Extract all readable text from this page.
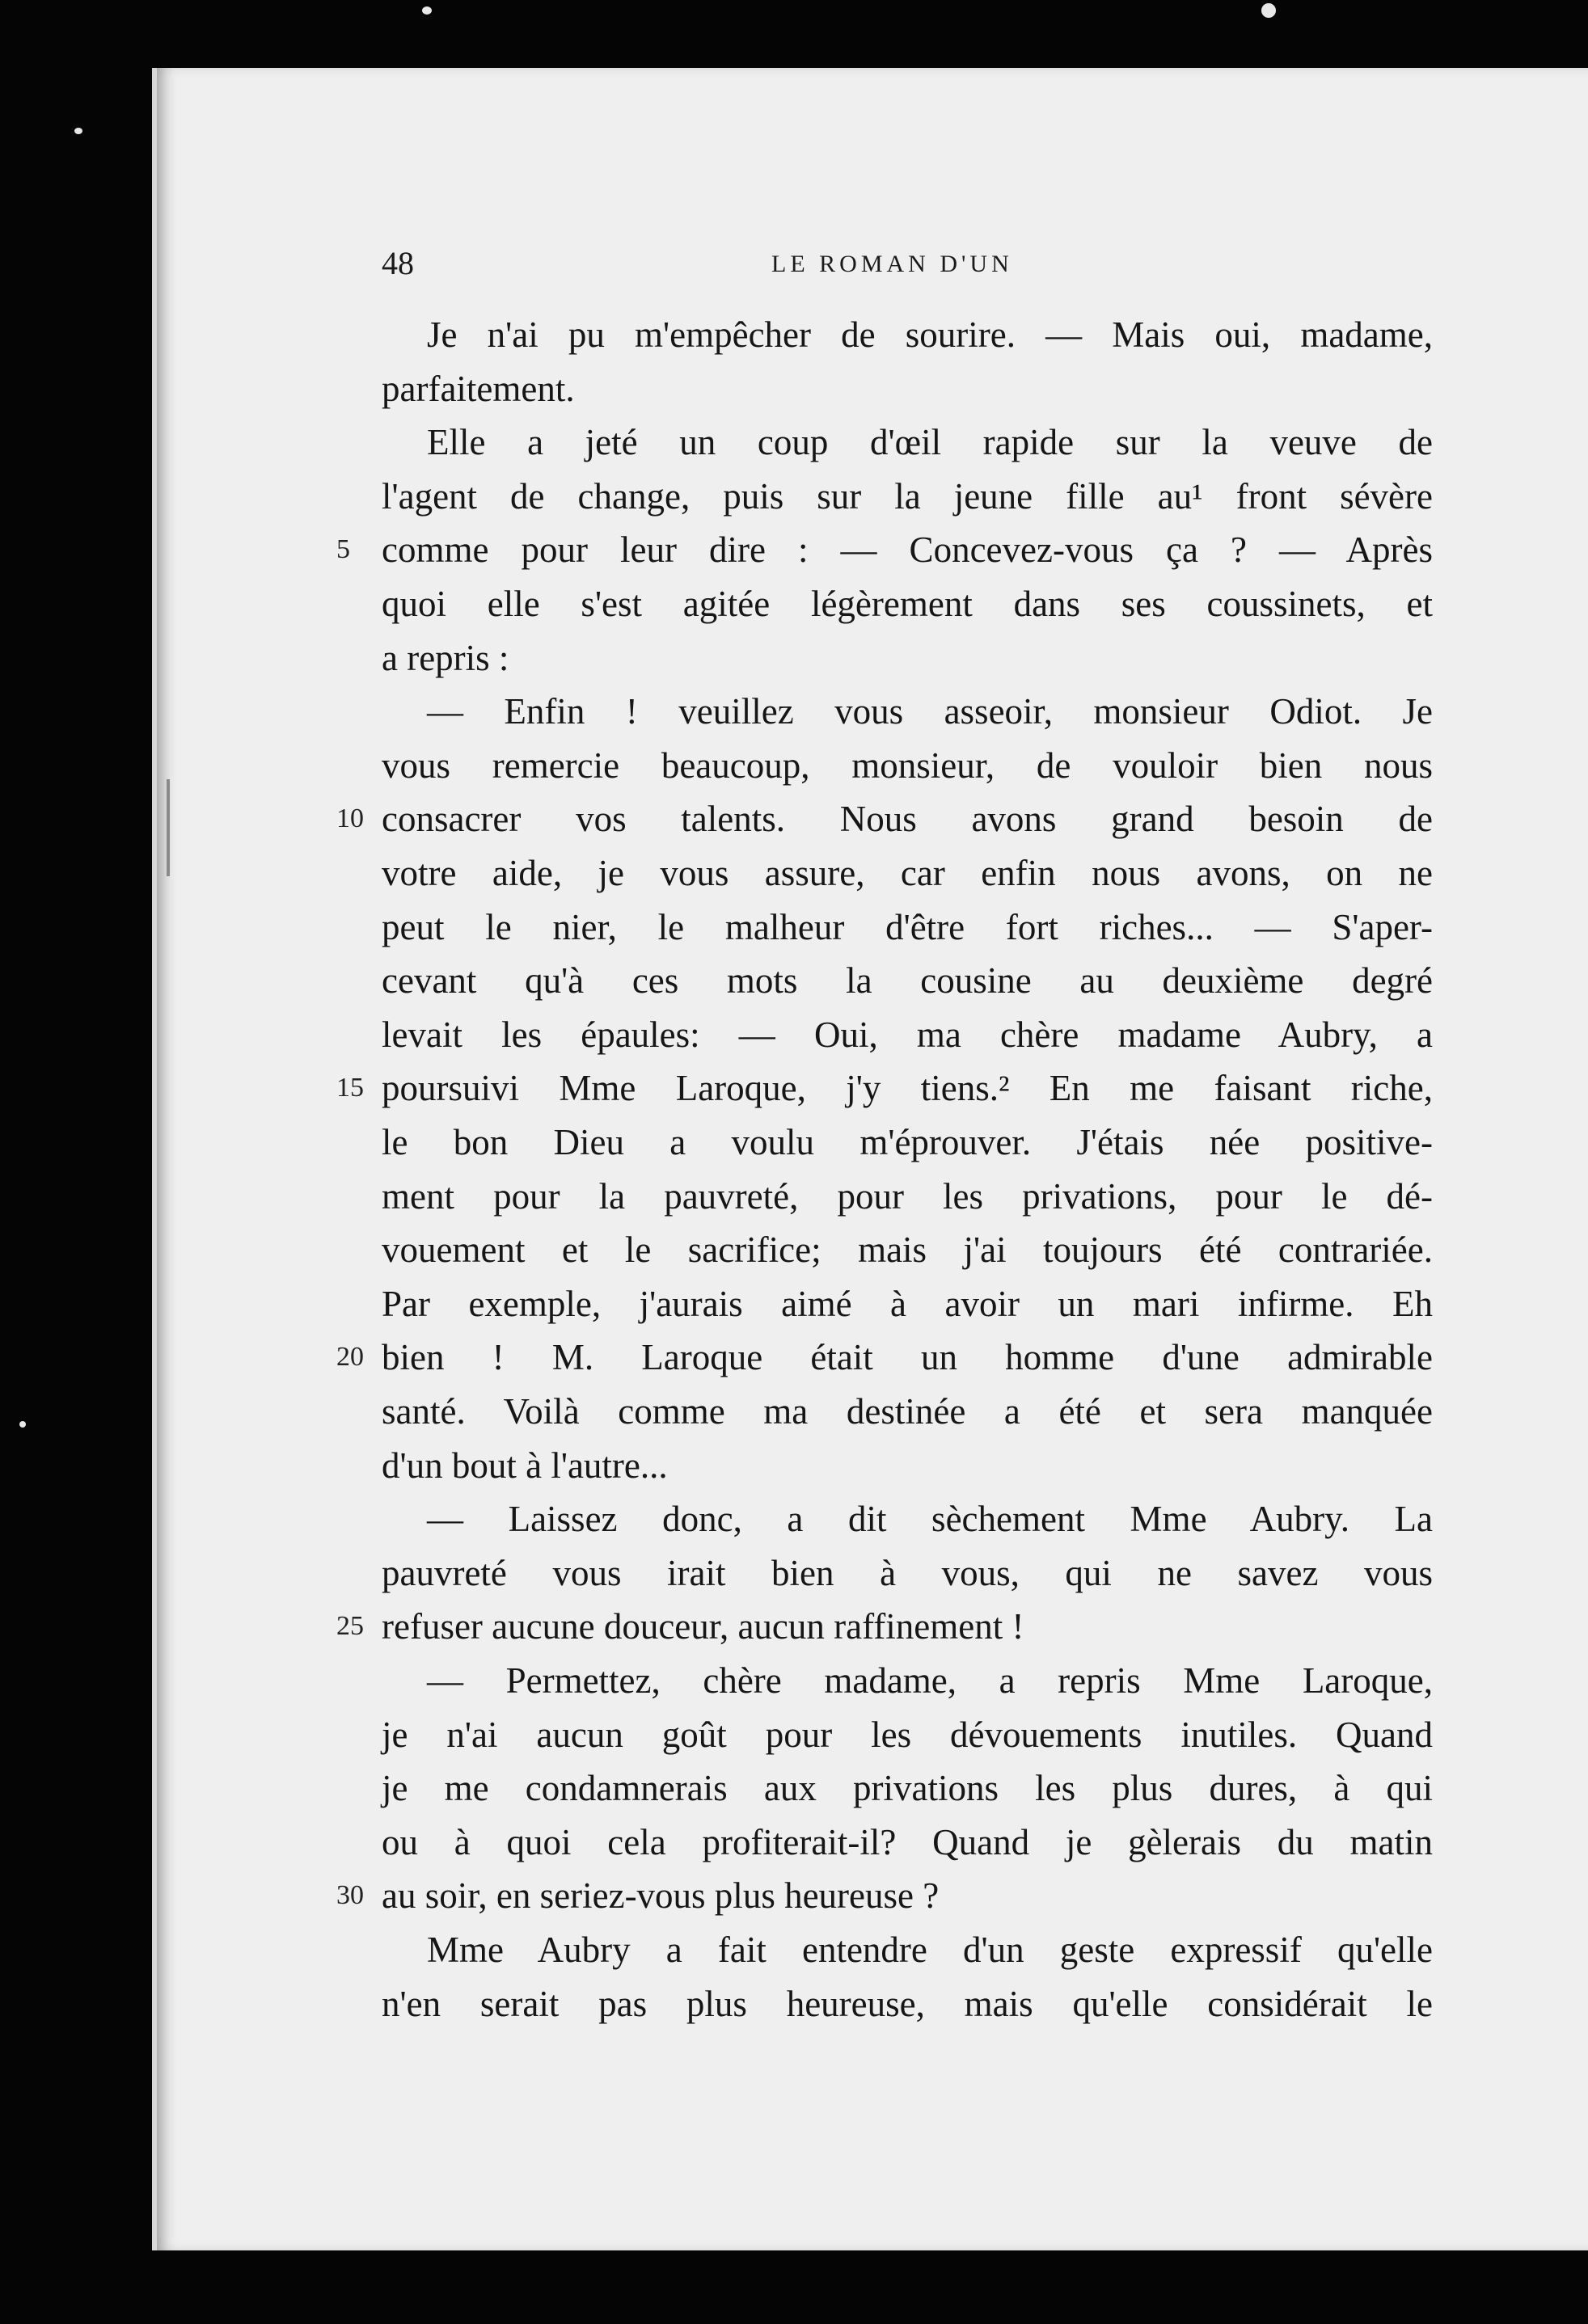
48	LE ROMAN D'UN
Je n'ai pu m'empêcher de sourire. — Mais oui, madame,
parfaitement.
Elle a jeté un coup d'œil rapide sur la veuve de
l'agent de change, puis sur la jeune fille au¹ front sévère
comme pour leur dire : — Concevez-vous ça ? — Après
5
quoi elle s'est agitée légèrement dans ses coussinets, et
a repris :
— Enfin ! veuillez vous asseoir, monsieur Odiot. Je
vous remercie beaucoup, monsieur, de vouloir bien nous
consacrer vos talents. Nous avons grand besoin de
10
votre aide, je vous assure, car enfin nous avons, on ne
peut le nier, le malheur d'être fort riches... — S'aper-
cevant qu'à ces mots la cousine au deuxième degré
levait les épaules: — Oui, ma chère madame Aubry, a
poursuivi Mme Laroque, j'y tiens.² En me faisant riche,
15
le bon Dieu a voulu m'éprouver. J'étais née positive-
ment pour la pauvreté, pour les privations, pour le dé-
vouement et le sacrifice; mais j'ai toujours été contrariée.
Par exemple, j'aurais aimé à avoir un mari infirme. Eh
bien ! M. Laroque était un homme d'une admirable
20
santé. Voilà comme ma destinée a été et sera manquée
d'un bout à l'autre...
— Laissez donc, a dit sèchement Mme Aubry. La
pauvreté vous irait bien à vous, qui ne savez vous
refuser aucune douceur, aucun raffinement !
25
— Permettez, chère madame, a repris Mme Laroque,
je n'ai aucun goût pour les dévouements inutiles. Quand
je me condamnerais aux privations les plus dures, à qui
ou à quoi cela profiterait-il? Quand je gèlerais du matin
au soir, en seriez-vous plus heureuse ?
30
Mme Aubry a fait entendre d'un geste expressif qu'elle
n'en serait pas plus heureuse, mais qu'elle considérait le
